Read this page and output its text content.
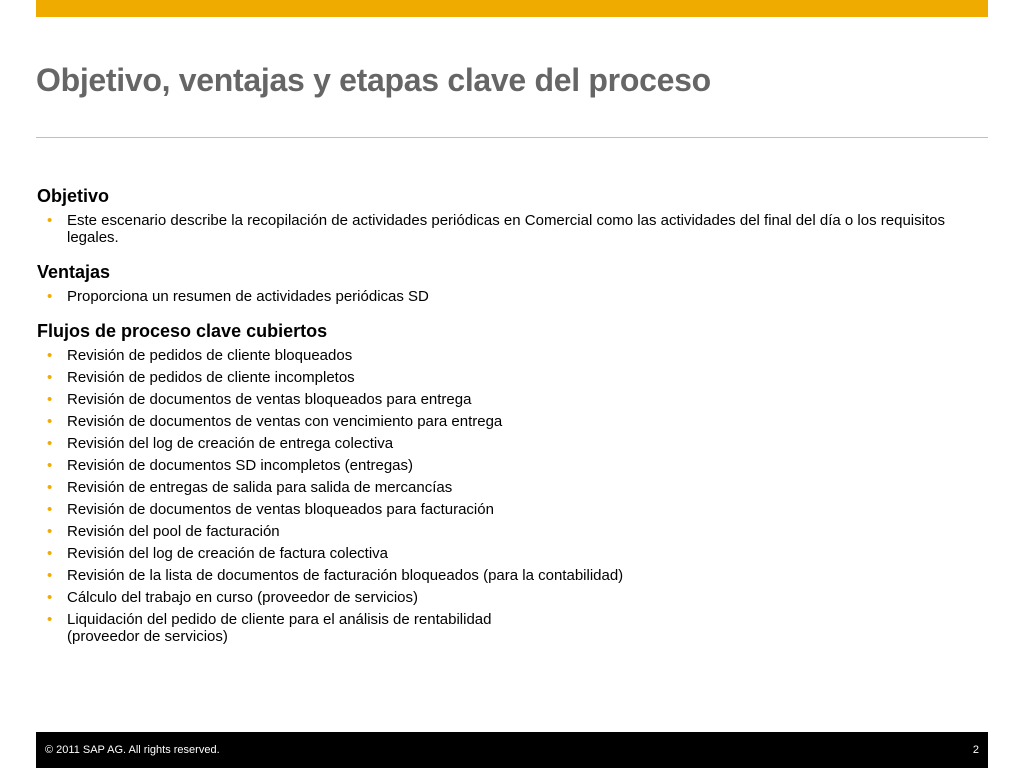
Objetivo, ventajas y etapas clave del proceso
Objetivo
• Este escenario describe la recopilación de actividades periódicas en Comercial como las actividades del final del día o los requisitos legales.
Ventajas
• Proporciona un resumen de actividades periódicas SD
Flujos de proceso clave cubiertos
• Revisión de pedidos de cliente bloqueados
• Revisión de pedidos de cliente incompletos
• Revisión de documentos de ventas bloqueados para entrega
• Revisión de documentos de ventas con vencimiento para entrega
• Revisión del log de creación de entrega colectiva
• Revisión de documentos SD incompletos (entregas)
• Revisión de entregas de salida para salida de mercancías
• Revisión de documentos de ventas bloqueados para facturación
• Revisión del pool de facturación
• Revisión del log de creación de factura colectiva
• Revisión de la lista de documentos de facturación bloqueados (para la contabilidad)
• Cálculo del trabajo en curso (proveedor de servicios)
• Liquidación del pedido de cliente para el análisis de rentabilidad
(proveedor de servicios)
© 2011 SAP AG. All rights reserved.	2
